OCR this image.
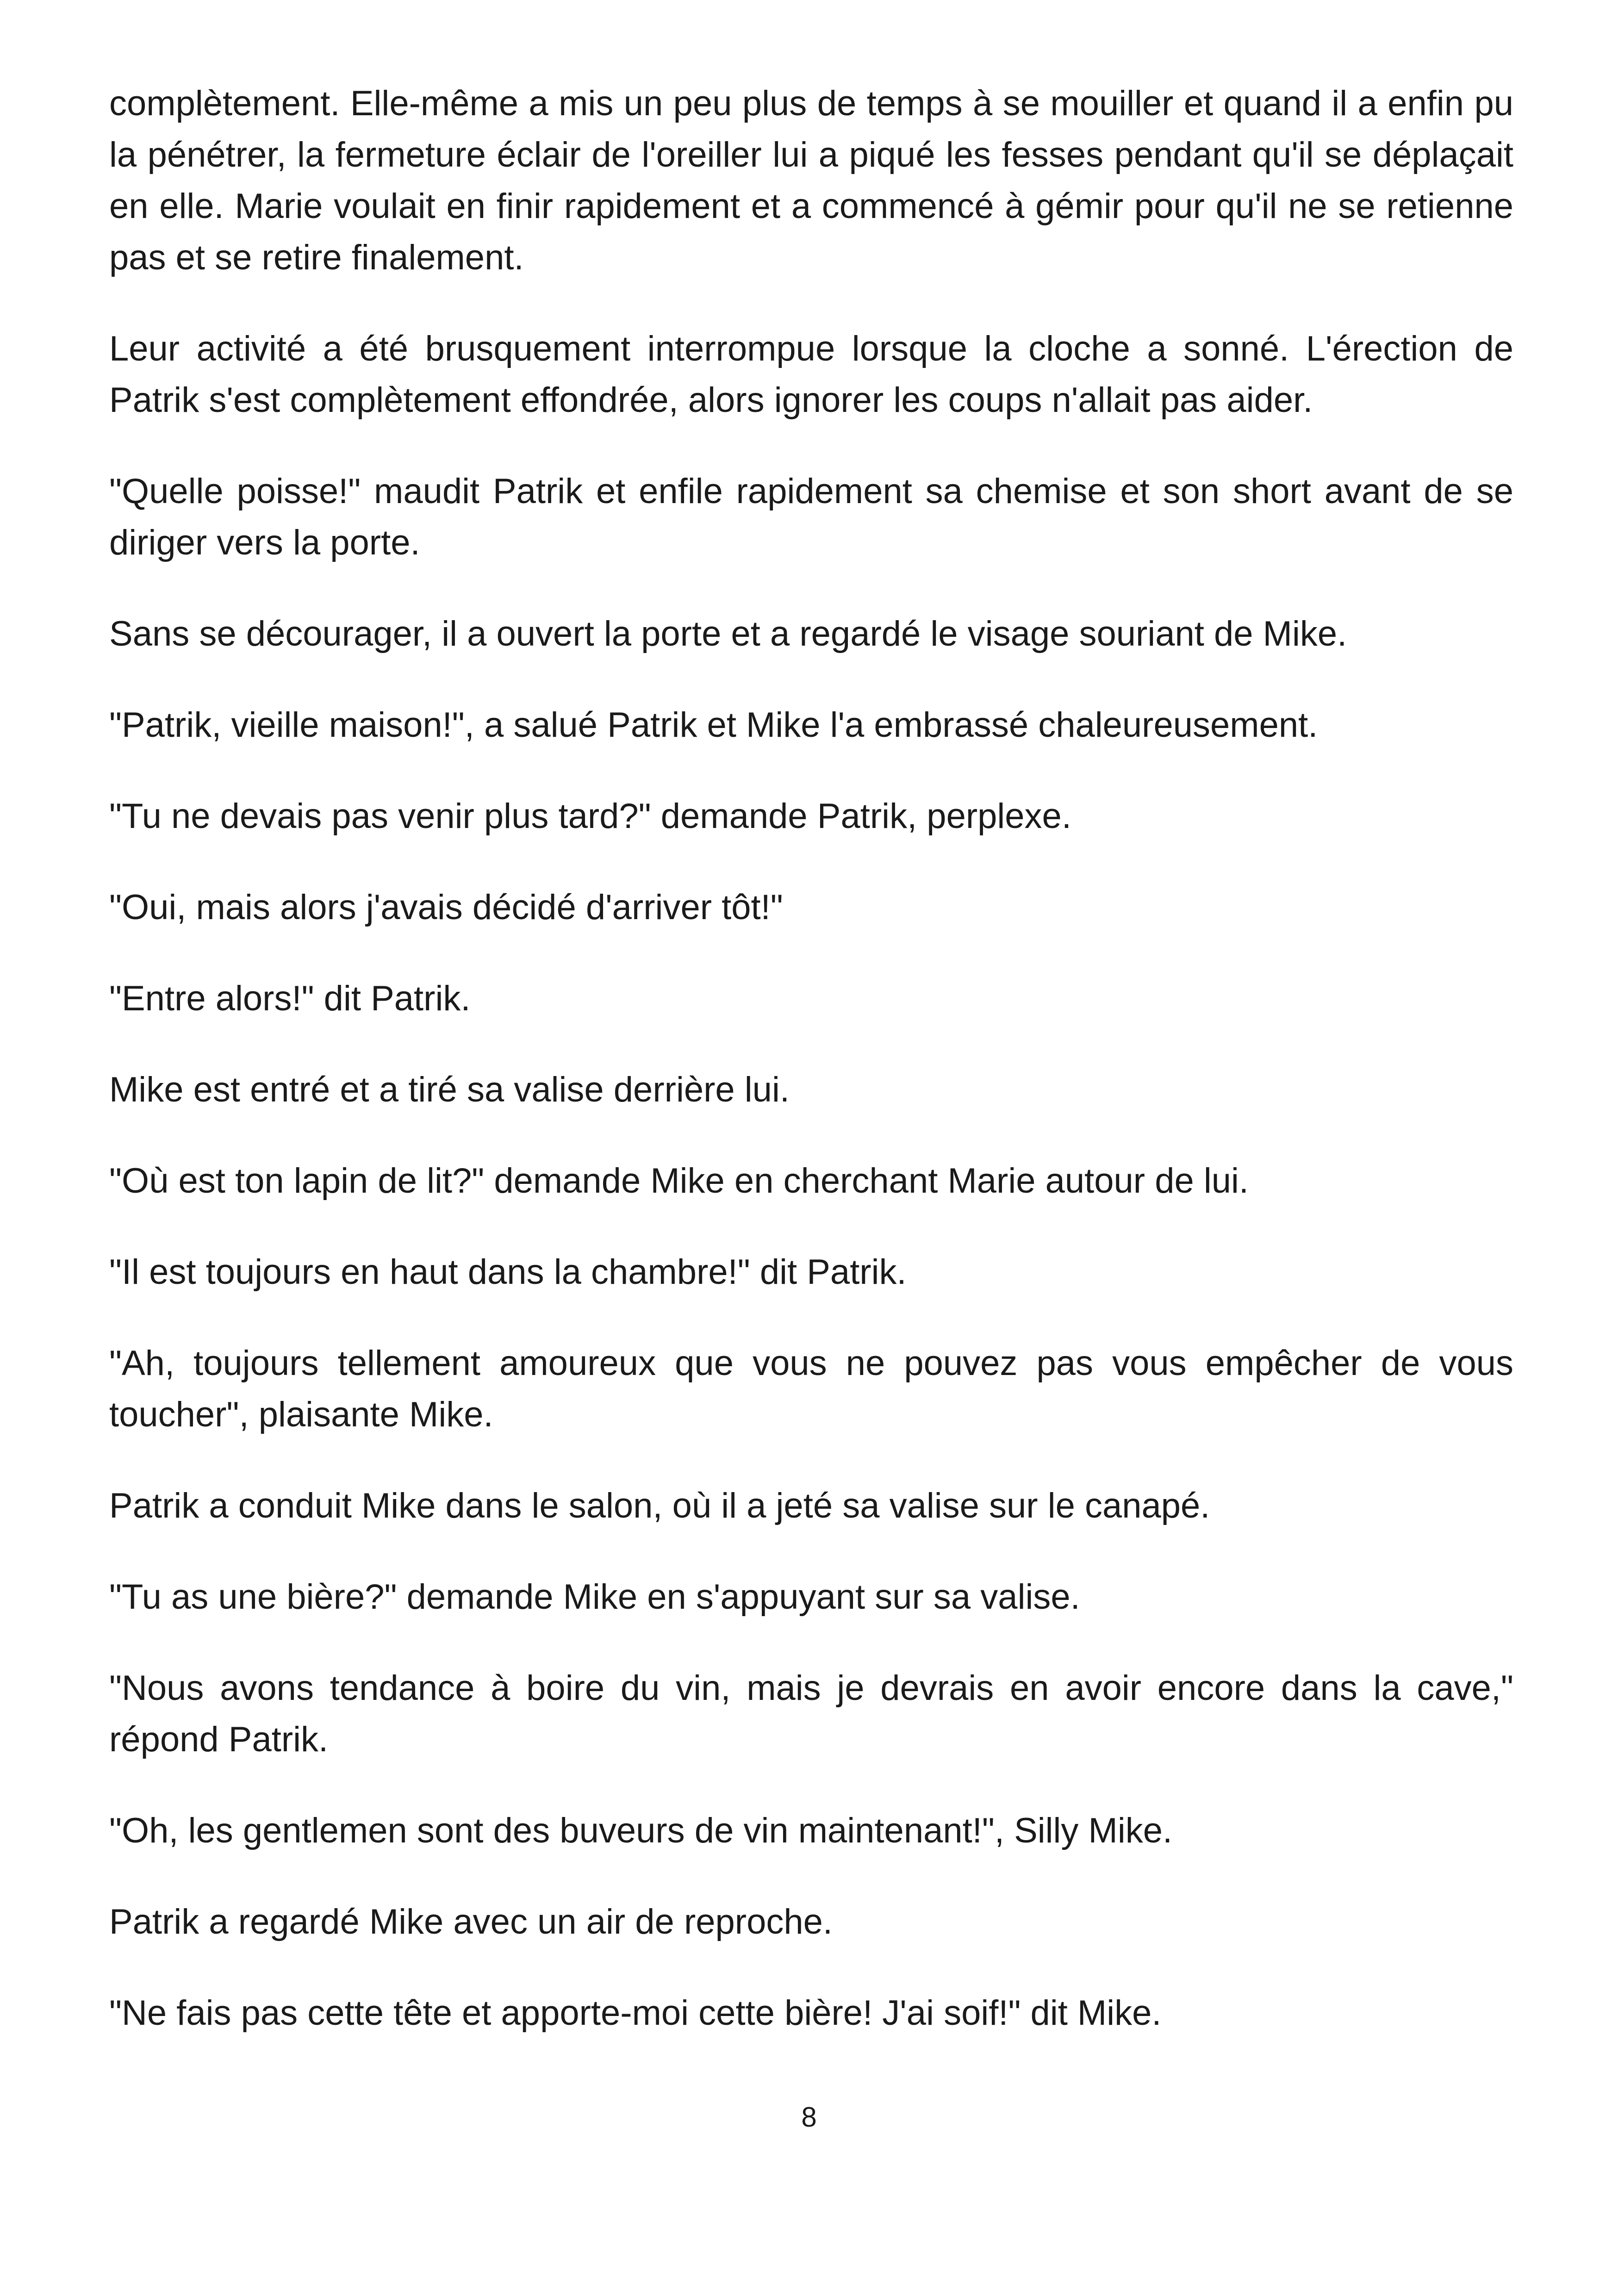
complètement. Elle-même a mis un peu plus de temps à se mouiller et quand il a enfin pu la pénétrer, la fermeture éclair de l'oreiller lui a piqué les fesses pendant qu'il se déplaçait en elle. Marie voulait en finir rapidement et a commencé à gémir pour qu'il ne se retienne pas et se retire finalement.

Leur activité a été brusquement interrompue lorsque la cloche a sonné. L'érection de Patrik s'est complètement effondrée, alors ignorer les coups n'allait pas aider.

"Quelle poisse!" maudit Patrik et enfile rapidement sa chemise et son short avant de se diriger vers la porte.

Sans se décourager, il a ouvert la porte et a regardé le visage souriant de Mike.

"Patrik, vieille maison!", a salué Patrik et Mike l'a embrassé chaleureusement.

"Tu ne devais pas venir plus tard?" demande Patrik, perplexe.

"Oui, mais alors j'avais décidé d'arriver tôt!"

"Entre alors!" dit Patrik.

Mike est entré et a tiré sa valise derrière lui.

"Où est ton lapin de lit?" demande Mike en cherchant Marie autour de lui.

"Il est toujours en haut dans la chambre!" dit Patrik.

"Ah, toujours tellement amoureux que vous ne pouvez pas vous empêcher de vous toucher", plaisante Mike.

Patrik a conduit Mike dans le salon, où il a jeté sa valise sur le canapé.

"Tu as une bière?" demande Mike en s'appuyant sur sa valise.

"Nous avons tendance à boire du vin, mais je devrais en avoir encore dans la cave," répond Patrik.

"Oh, les gentlemen sont des buveurs de vin maintenant!", Silly Mike.

Patrik a regardé Mike avec un air de reproche.

"Ne fais pas cette tête et apporte-moi cette bière! J'ai soif!" dit Mike.

8
